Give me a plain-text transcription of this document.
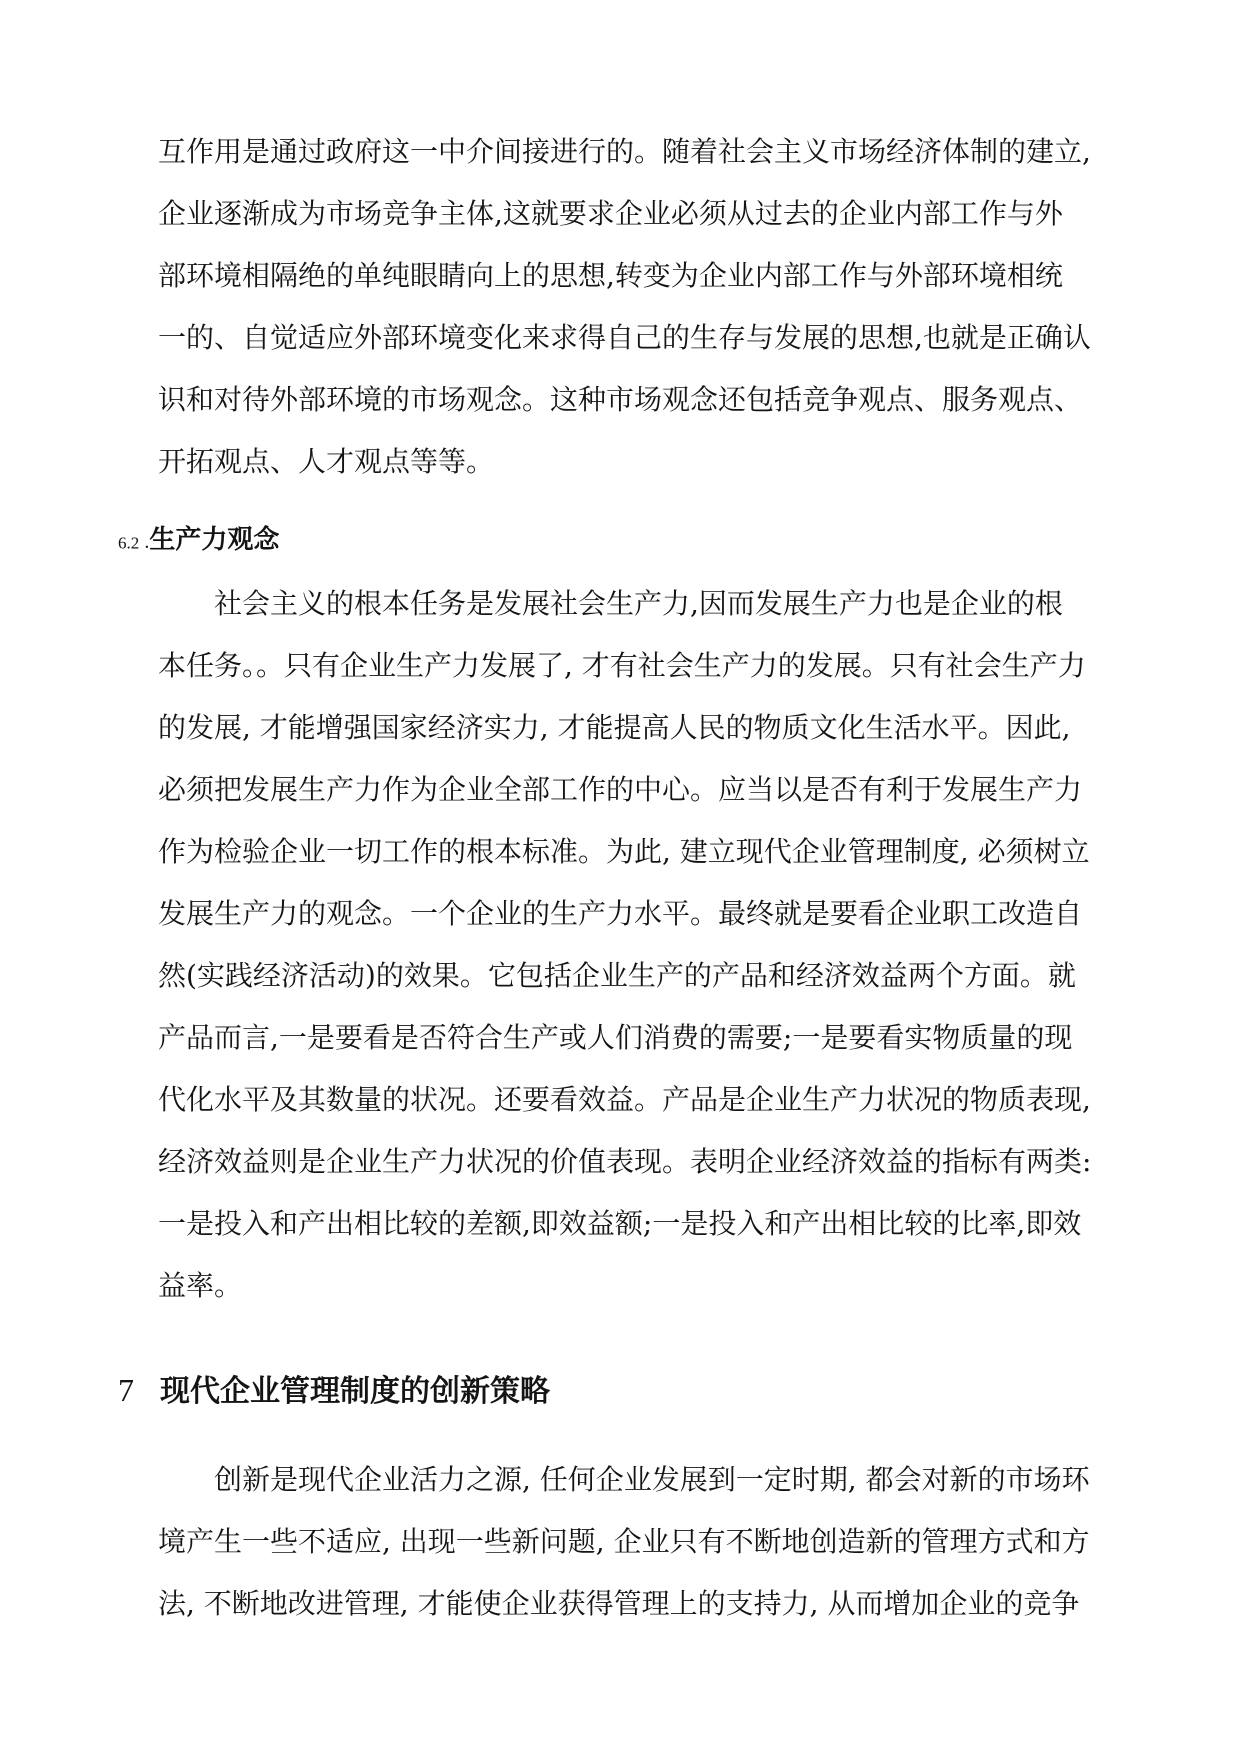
互作用是通过政府这一中介间接进行的。随着社会主义市场经济体制的建立,
企业逐渐成为市场竞争主体,这就要求企业必须从过去的企业内部工作与外
部环境相隔绝的单纯眼睛向上的思想,转变为企业内部工作与外部环境相统
一的、自觉适应外部环境变化来求得自己的生存与发展的思想,也就是正确认
识和对待外部环境的市场观念。这种市场观念还包括竞争观点、服务观点、
开拓观点、人才观点等等。
6.2 .生产力观念
社会主义的根本任务是发展社会生产力,因而发展生产力也是企业的根
本任务。。只有企业生产力发展了, 才有社会生产力的发展。只有社会生产力
的发展, 才能增强国家经济实力, 才能提高人民的物质文化生活水平。因此,
必须把发展生产力作为企业全部工作的中心。应当以是否有利于发展生产力
作为检验企业一切工作的根本标准。为此, 建立现代企业管理制度, 必须树立
发展生产力的观念。一个企业的生产力水平。最终就是要看企业职工改造自
然(实践经济活动)的效果。它包括企业生产的产品和经济效益两个方面。就
产品而言,一是要看是否符合生产或人们消费的需要;一是要看实物质量的现
代化水平及其数量的状况。还要看效益。产品是企业生产力状况的物质表现,
经济效益则是企业生产力状况的价值表现。表明企业经济效益的指标有两类:
一是投入和产出相比较的差额,即效益额;一是投入和产出相比较的比率,即效
益率。
7 现代企业管理制度的创新策略
创新是现代企业活力之源, 任何企业发展到一定时期, 都会对新的市场环
境产生一些不适应, 出现一些新问题, 企业只有不断地创造新的管理方式和方
法, 不断地改进管理, 才能使企业获得管理上的支持力, 从而增加企业的竞争
